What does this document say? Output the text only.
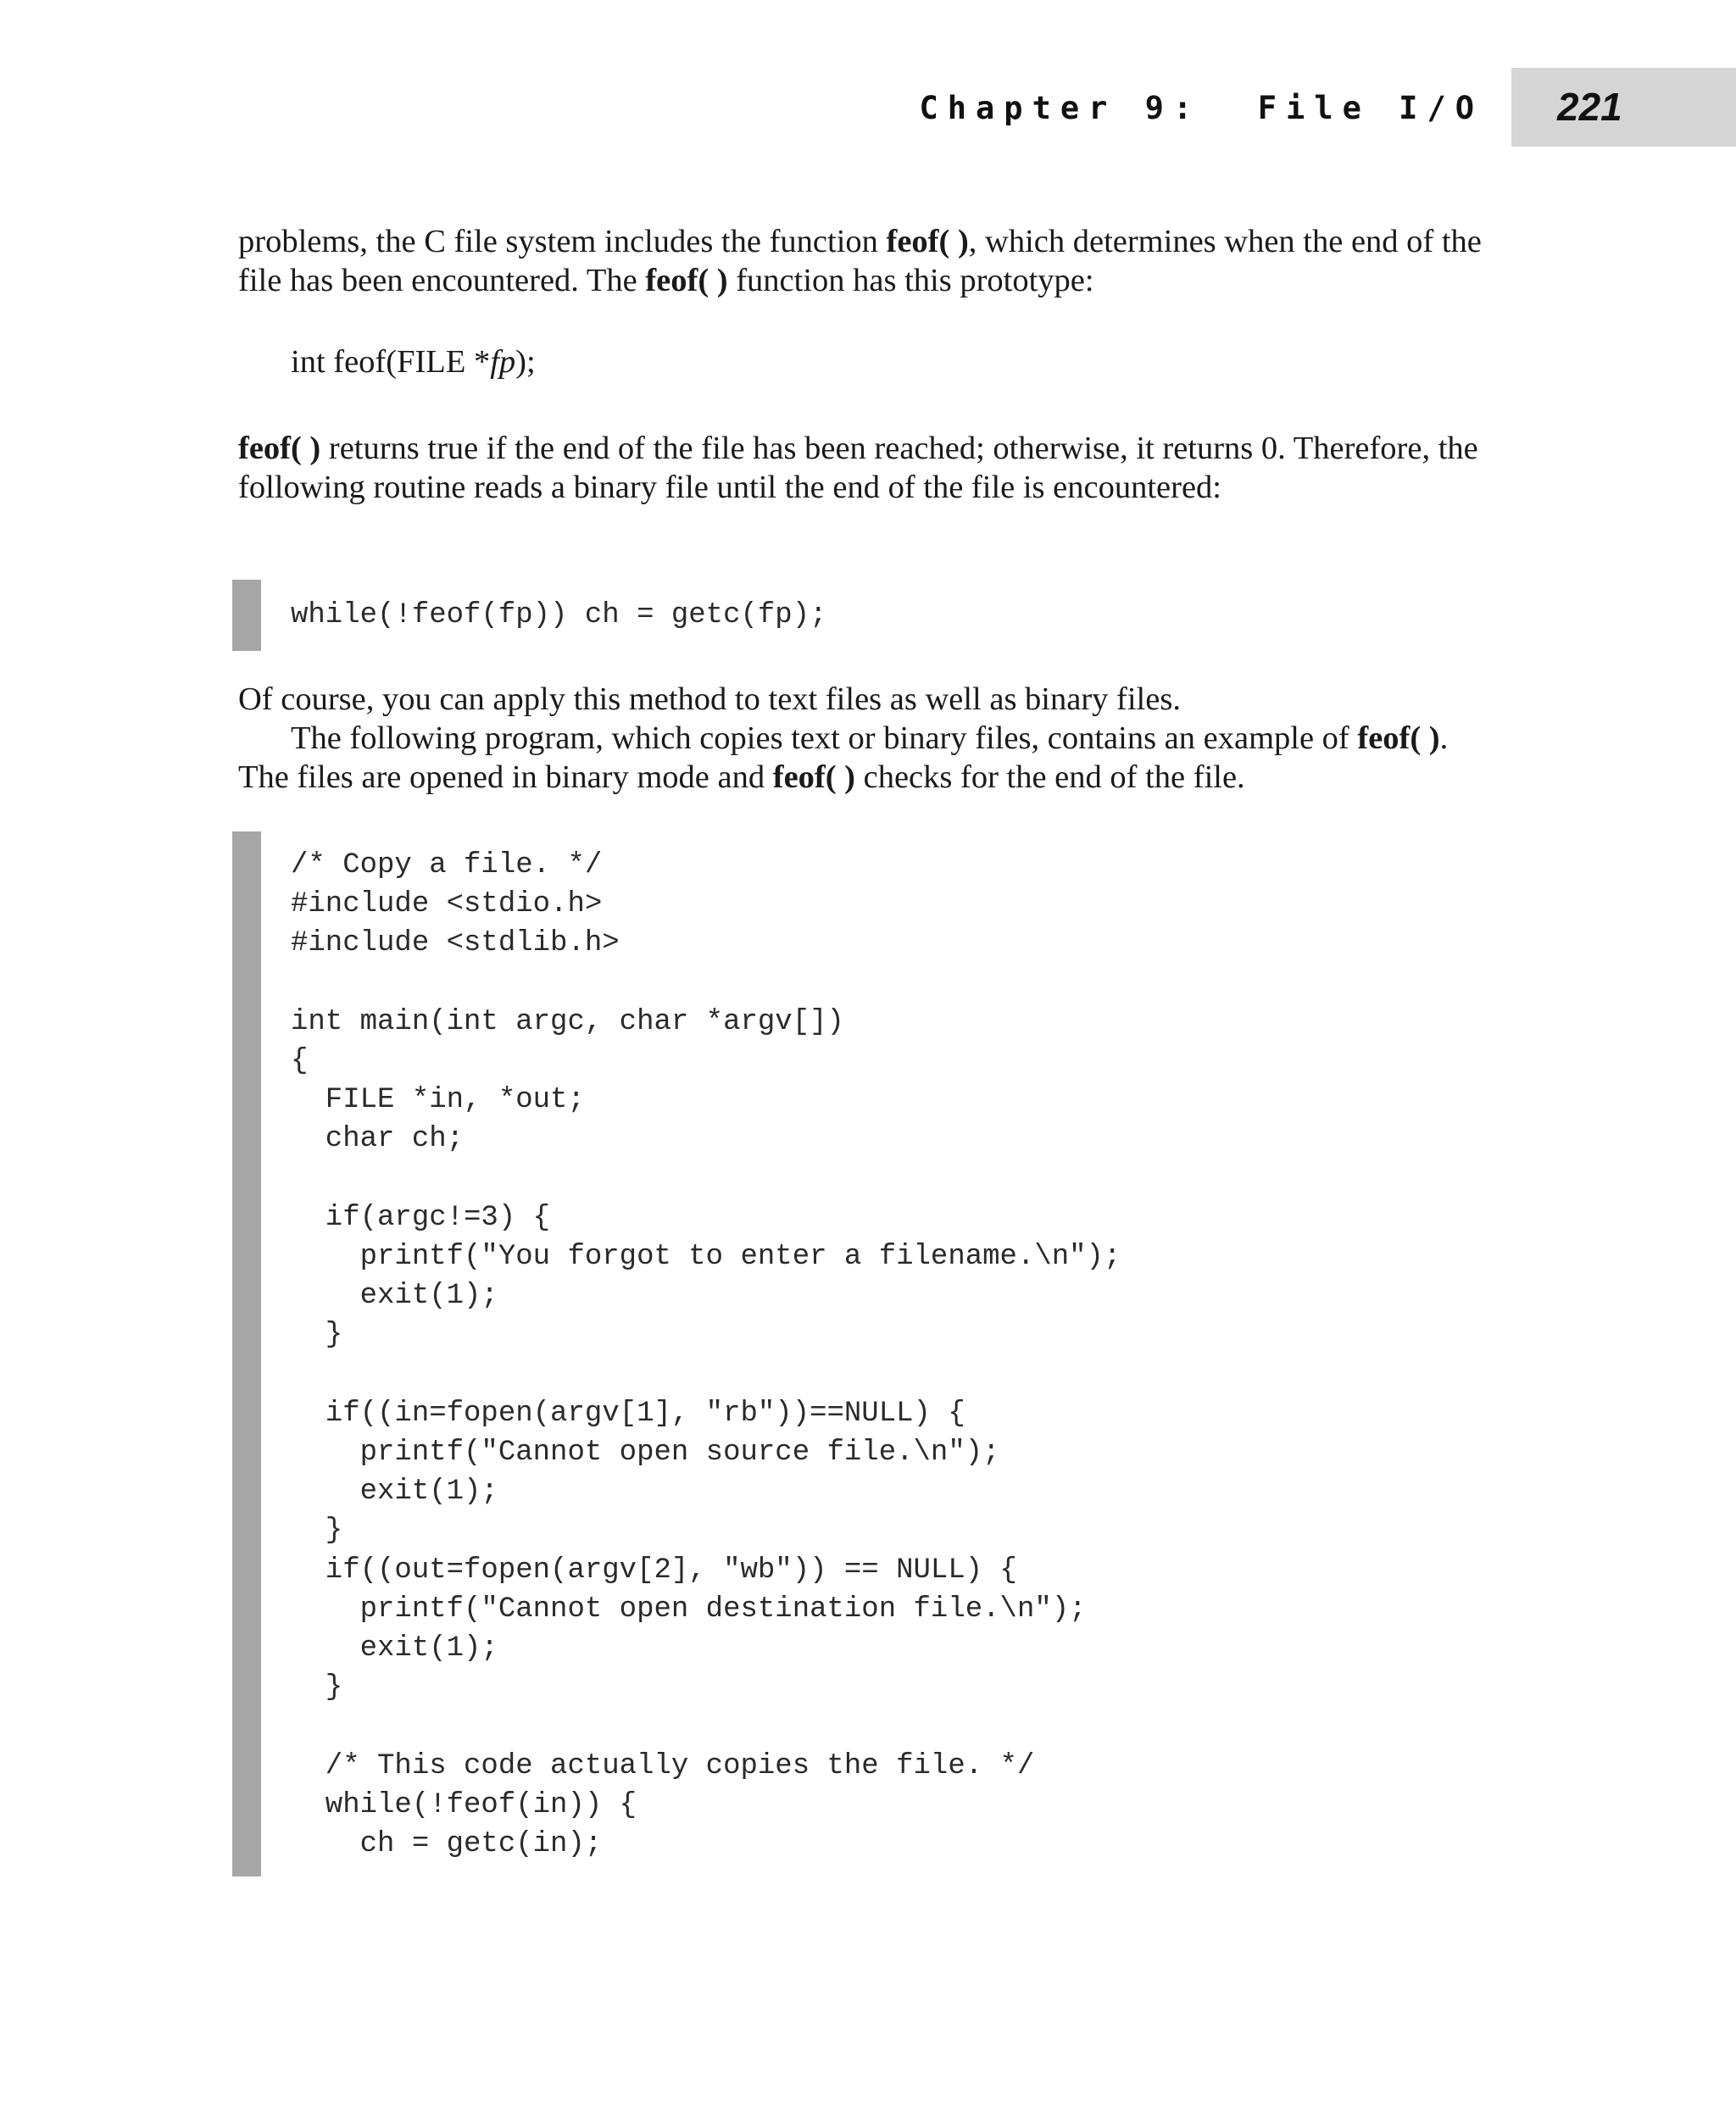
Chapter 9:  File I/O 221

problems, the C file system includes the function feof( ), which determines when the end of the file has been encountered. The feof( ) function has this prototype:

int feof(FILE *fp);

feof( ) returns true if the end of the file has been reached; otherwise, it returns 0. Therefore, the following routine reads a binary file until the end of the file is encountered:

while(!feof(fp)) ch = getc(fp);

Of course, you can apply this method to text files as well as binary files.

The following program, which copies text or binary files, contains an example of feof( ). The files are opened in binary mode and feof( ) checks for the end of the file.

/* Copy a file. */
#include <stdio.h>
#include <stdlib.h>

int main(int argc, char *argv[])
{
FILE *in, *out;
char ch;

if(argc!=3) {
printf("You forgot to enter a filename.\n");
exit(1);
}

if((in=fopen(argv[1], "rb"))==NULL) {
printf("Cannot open source file.\n");
exit(1);
}
if((out=fopen(argv[2], "wb")) == NULL) {
printf("Cannot open destination file.\n");
exit(1);
}

/* This code actually copies the file. */
while(!feof(in)) {
ch = getc(in);
